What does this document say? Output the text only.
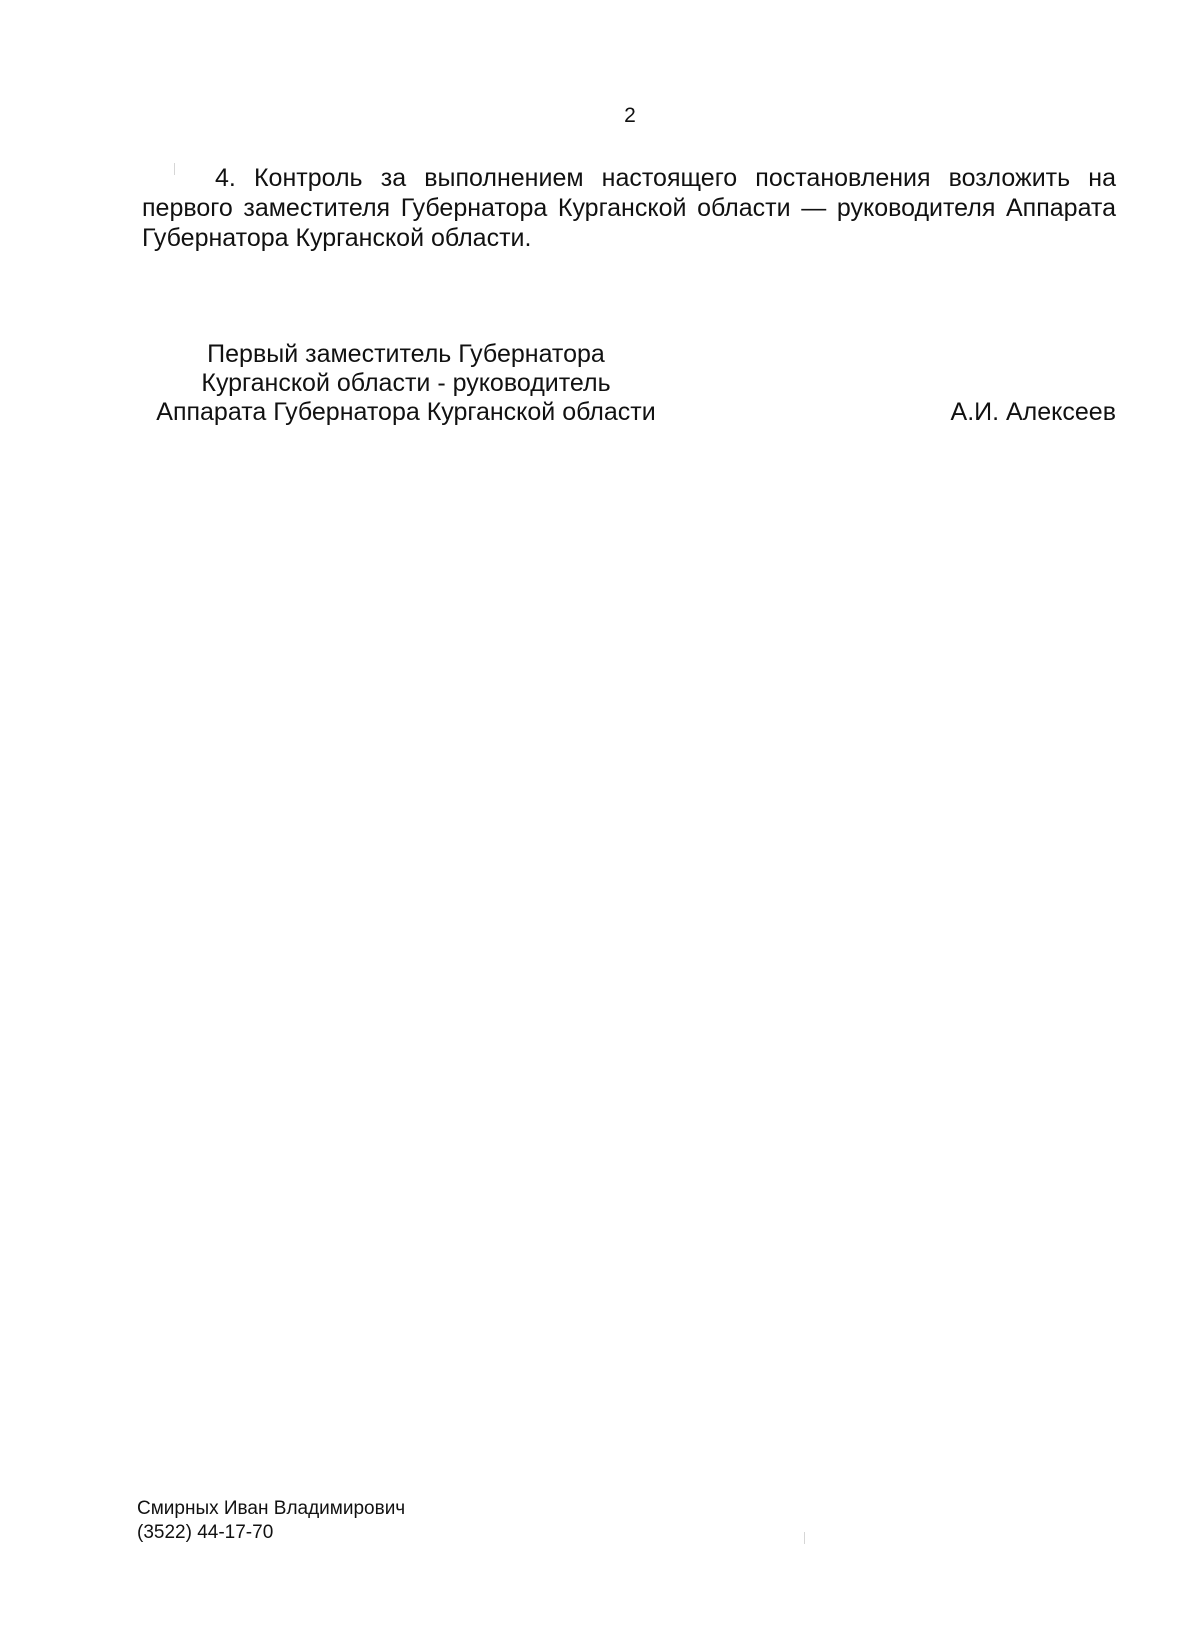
2

4. Контроль за выполнением настоящего постановления возложить на первого заместителя Губернатора Курганской области — руководителя Аппарата Губернатора Курганской области.

Первый заместитель Губернатора
Курганской области - руководитель
Аппарата Губернатора Курганской области	А.И. Алексеев
Смирных Иван Владимирович
(3522) 44-17-70
